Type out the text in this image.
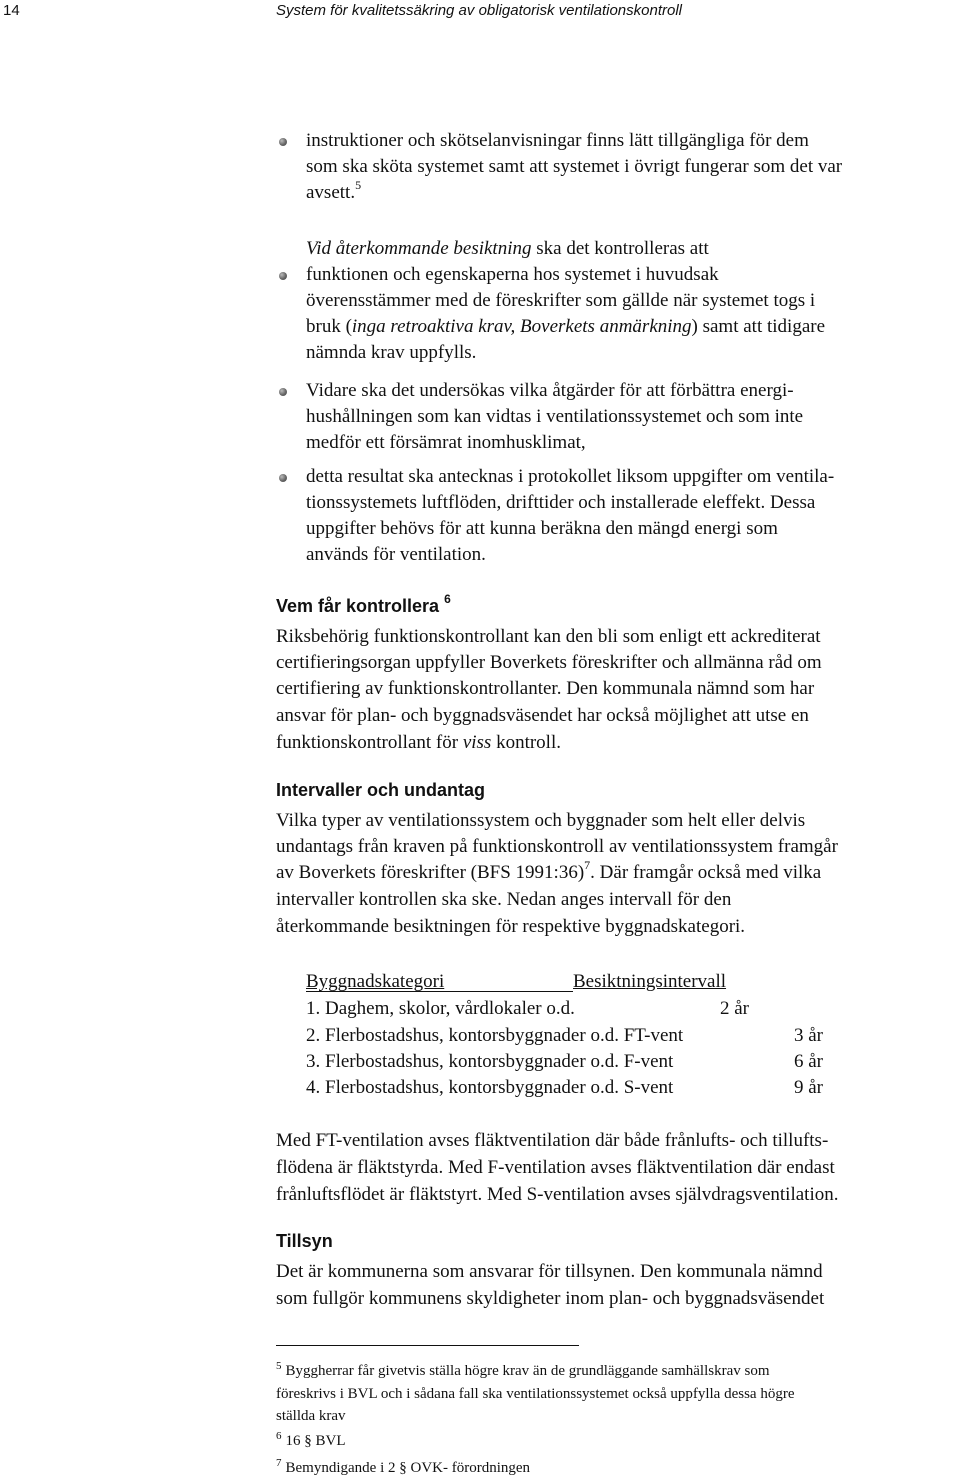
14	System för kvalitetssäkring av obligatorisk ventilationskontroll
instruktioner och skötselanvisningar finns lätt tillgängliga för dem
som ska sköta systemet samt att systemet i övrigt fungerar som det var
avsett.$^5$
Vid återkommande besiktning ska det kontrolleras att
funktionen och egenskaperna hos systemet i huvudsak
överensstämmer med de föreskrifter som gällde när systemet togs i
bruk (inga retroaktiva krav, Boverkets anmärkning) samt att tidigare
nämnda krav uppfylls.
Vidare ska det undersökas vilka åtgärder för att förbättra energi-
hushållningen som kan vidtas i ventilationssystemet och som inte
medför ett försämrat inomhusklimat,
detta resultat ska antecknas i protokollet liksom uppgifter om ventila-
tionssystemets luftflöden, drifttider och installerade eleffekt. Dessa
uppgifter behövs för att kunna beräkna den mängd energi som
används för ventilation.
Vem får kontrollera $^6$
Riksbehörig funktionskontrollant kan den bli som enligt ett ackrediterat
certifieringsorgan uppfyller Boverkets föreskrifter och allmänna råd om
certifiering av funktionskontrollanter. Den kommunala nämnd som har
ansvar för plan- och byggnadsväsendet har också möjlighet att utse en
funktionskontrollant för viss kontroll.
Intervaller och undantag
Vilka typer av ventilationssystem och byggnader som helt eller delvis
undantags från kraven på funktionskontroll av ventilationssystem framgår
av Boverkets föreskrifter (BFS 1991:36)$^7$. Där framgår också med vilka
intervaller kontrollen ska ske. Nedan anges intervall för den
återkommande besiktningen för respektive byggnadskategori.
Byggnadskategori	Besiktningsintervall
1. Daghem, skolor, vårdlokaler o.d.	2 år
2. Flerbostadshus, kontorsbyggnader o.d. FT-vent	3 år
3. Flerbostadshus, kontorsbyggnader o.d. F-vent	6 år
4. Flerbostadshus, kontorsbyggnader o.d. S-vent	9 år
Med FT-ventilation avses fläktventilation där både frånlufts- och tillufts-
flödena är fläktstyrda. Med F-ventilation avses fläktventilation där endast
frånluftsflödet är fläktstyrt. Med S-ventilation avses självdragsventilation.
Tillsyn
Det är kommunerna som ansvarar för tillsynen. Den kommunala nämnd
som fullgör kommunens skyldigheter inom plan- och byggnadsväsendet
$^5$ Byggherrar får givetvis ställa högre krav än de grundläggande samhällskrav som
föreskrivs i BVL och i sådana fall ska ventilationssystemet också uppfylla dessa högre
ställda krav
$^6$ 16 § BVL
$^7$ Bemyndigande i 2 § OVK- förordningen
